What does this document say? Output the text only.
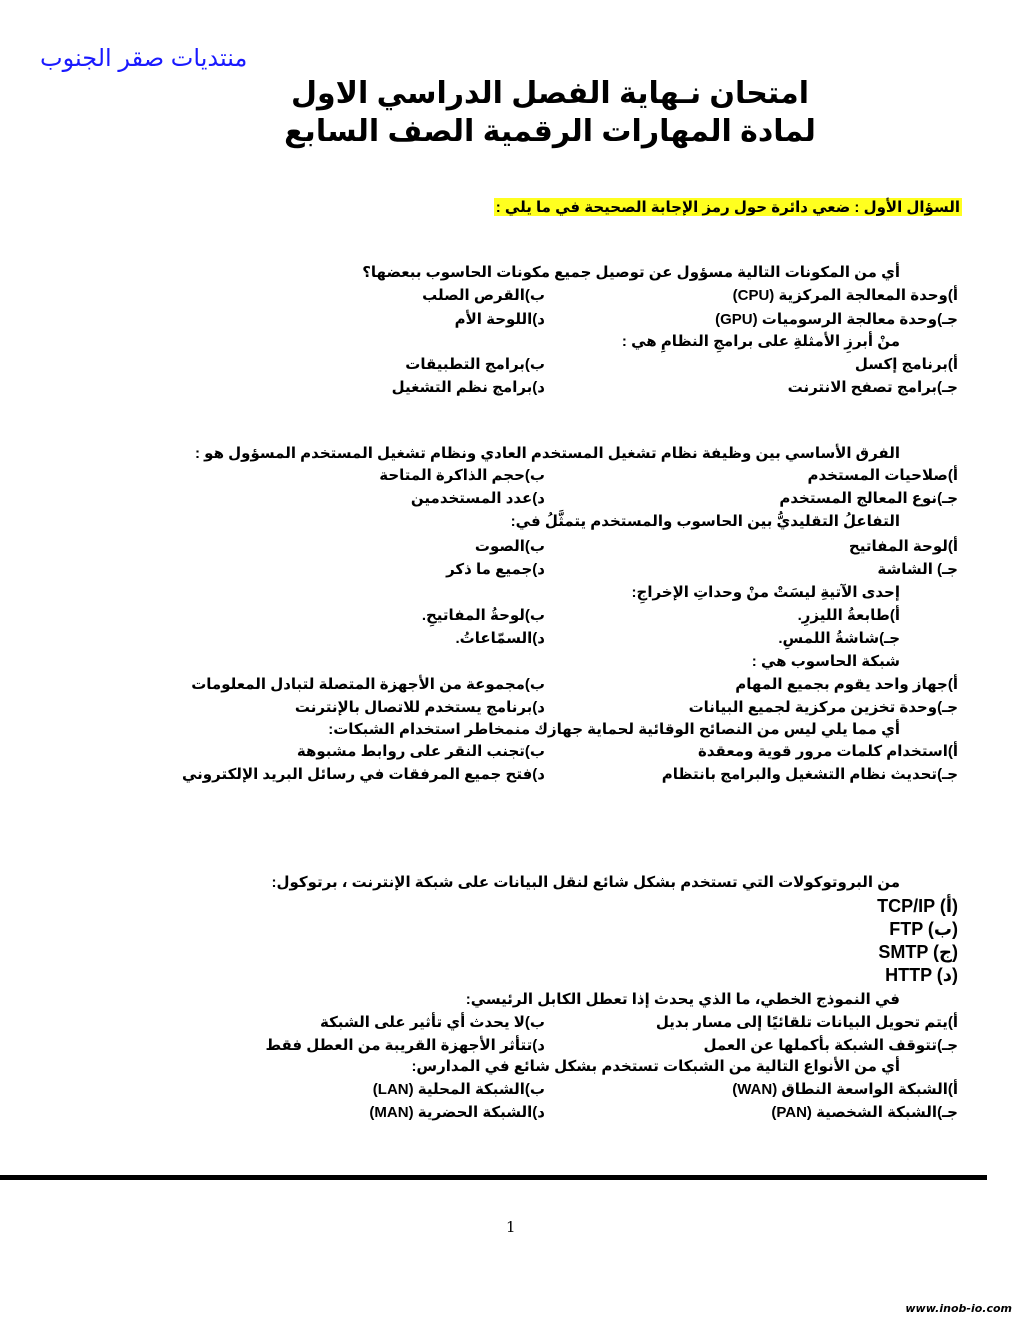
منتديات صقر الجنوب
امتحان نـهاية الفصل الدراسي الاول
لمادة المهارات الرقمية الصف السابع
السؤال الأول : ضعي دائرة حول رمز الإجابة الصحيحة في ما يلي :
أي من المكونات التالية مسؤول عن توصيل جميع مكونات الحاسوب ببعضها؟
أ)وحدة المعالجة المركزية (CPU)
ب)القرص الصلب
جـ)وحدة معالجة الرسوميات (GPU)
د)اللوحة الأم
منْ أبرزِ الأمثلةِ على برامجِ النظامِ هي :
أ)برنامج إكسل
ب)برامج التطبيقات
جـ)برامج تصفح الانترنت
د)برامج نظم التشغيل
الفرق الأساسي بين وظيفة نظام تشغيل المستخدم العادي ونظام تشغيل المستخدم المسؤول هو :
أ)صلاحيات المستخدم
ب)حجم الذاكرة المتاحة
جـ)نوع المعالج المستخدم
د)عدد المستخدمين
التفاعلُ التقليديُّ بين الحاسوب والمستخدم يتمثَّلُ في:
أ)لوحة المفاتيح
ب)الصوت
جـ) الشاشة
د)جميع ما ذكر
إحدى الآتيةِ ليسَتْ منْ وحداتِ الإخراجِ:
أ)طابعةُ الليزرِ.
ب)لوحةُ المفاتيحِ.
جـ)شاشةُ اللمسِ.
د)السمّاعاتُ.
شبكة الحاسوب هي :
أ)جهاز واحد يقوم بجميع المهام
ب)مجموعة من الأجهزة المتصلة لتبادل المعلومات
جـ)وحدة تخزين مركزية لجميع البيانات
د)برنامج يستخدم للاتصال بالإنترنت
أي مما يلي ليس من النصائح الوقائية لحماية جهازك منمخاطر استخدام الشبكات:
أ)استخدام كلمات مرور قوية ومعقدة
ب)تجنب النقر على روابط مشبوهة
جـ)تحديث نظام التشغيل والبرامج بانتظام
د)فتح جميع المرفقات في رسائل البريد الإلكتروني
من البروتوكولات التي تستخدم بشكل شائع لنقل البيانات على شبكة الإنترنت ، برتوكول:
TCP/IP (أ)
FTP (ب)
SMTP (ج)
HTTP (د)
في النموذج الخطي، ما الذي يحدث إذا تعطل الكابل الرئيسي:
أ)يتم تحويل البيانات تلقائيًا إلى مسار بديل
ب)لا يحدث أي تأثير على الشبكة
جـ)تتوقف الشبكة بأكملها عن العمل
د)تتأثر الأجهزة القريبة من العطل فقط
أي من الأنواع التالية من الشبكات تستخدم بشكل شائع في المدارس:
أ)الشبكة الواسعة النطاق (WAN)
ب)الشبكة المحلية (LAN)
جـ)الشبكة الشخصية (PAN)
د)الشبكة الحضرية (MAN)
1
www.inob-io.com
